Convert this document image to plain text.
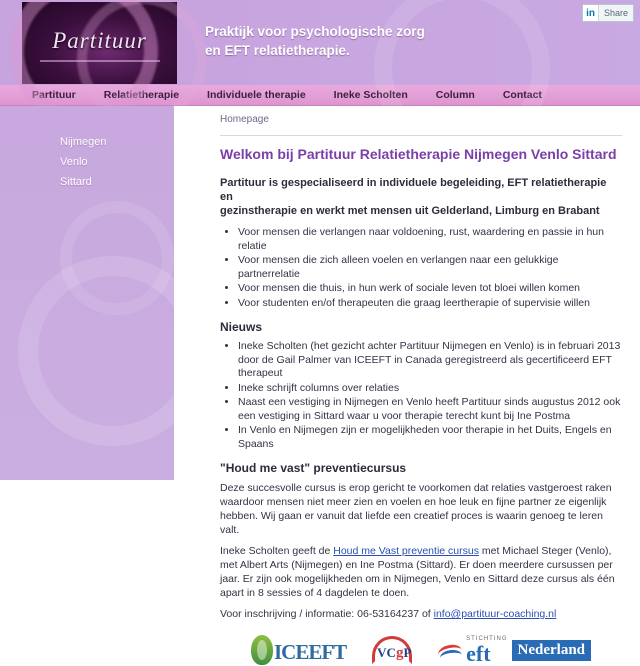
Partituur	Praktijk voor psychologische zorg
en EFT relatietherapie.
in	Share
Partituur	Relatietherapie	Individuele therapie	Ineke Scholten	Column	Contact
Nijmegen
Venlo
Sittard
Homepage
Welkom bij Partituur Relatietherapie Nijmegen Venlo Sittard
Partituur is gespecialiseerd in individuele begeleiding, EFT relatietherapie en
gezinstherapie en werkt met mensen uit Gelderland, Limburg en Brabant
• Voor mensen die verlangen naar voldoening, rust, waardering en passie in hun relatie
• Voor mensen die zich alleen voelen en verlangen naar een gelukkige partnerrelatie
• Voor mensen die thuis, in hun werk of sociale leven tot bloei willen komen
• Voor studenten en/of therapeuten die graag leertherapie of supervisie willen
Nieuws
• Ineke Scholten (het gezicht achter Partituur Nijmegen en Venlo) is in februari 2013 door de Gail Palmer van ICEEFT in Canada geregistreerd als gecertificeerd EFT therapeut
• Ineke schrijft columns over relaties
• Naast een vestiging in Nijmegen en Venlo heeft Partituur sinds augustus 2012 ook een vestiging in Sittard waar u voor therapie terecht kunt bij Ine Postma
• In Venlo en Nijmegen zijn er mogelijkheden voor therapie in het Duits, Engels en Spaans
"Houd me vast" preventiecursus

Deze succesvolle cursus is erop gericht te voorkomen dat relaties vastgeroest raken waardoor mensen niet meer zien en voelen en hoe leuk en fijne partner ze eigenlijk hebben. Wij gaan er vanuit dat liefde een creatief proces is waarin genoeg te leren valt.

Ineke Scholten geeft de Houd me Vast preventie cursus met Michael Steger (Venlo), met Albert Arts (Nijmegen) en Ine Postma (Sittard). Er doen meerdere cursussen per jaar. Er zijn ook mogelijkheden om in Nijmegen, Venlo en Sittard deze cursus als één apart in 8 sessies of 4 dagdelen te doen.

Voor inschrijving / informatie: 06-53164237 of info@partituur-coaching.nl

ICEEFT VCgP
STICHTING
eft	Nederland
